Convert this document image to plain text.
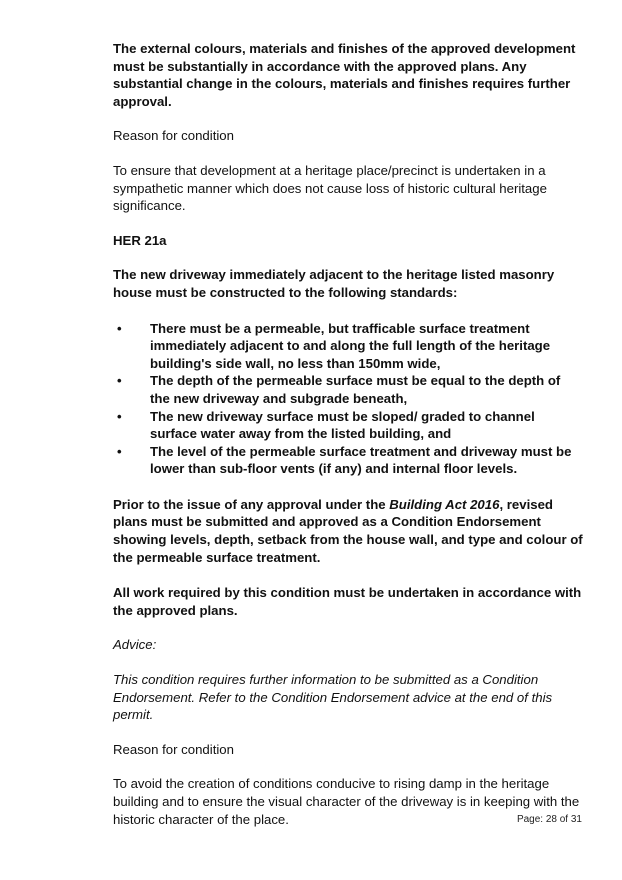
The external colours, materials and finishes of the approved development must be substantially in accordance with the approved plans. Any substantial change in the colours, materials and finishes requires further approval.

Reason for condition

To ensure that development at a heritage place/precinct is undertaken in a sympathetic manner which does not cause loss of historic cultural heritage significance.

HER 21a

The new driveway immediately adjacent to the heritage listed masonry house must be constructed to the following standards:

• There must be a permeable, but trafficable surface treatment immediately adjacent to and along the full length of the heritage building's side wall, no less than 150mm wide,
• The depth of the permeable surface must be equal to the depth of the new driveway and subgrade beneath,
• The new driveway surface must be sloped/ graded to channel surface water away from the listed building, and
• The level of the permeable surface treatment and driveway must be lower than sub-floor vents (if any) and internal floor levels.

Prior to the issue of any approval under the Building Act 2016, revised plans must be submitted and approved as a Condition Endorsement showing levels, depth, setback from the house wall, and type and colour of the permeable surface treatment.

All work required by this condition must be undertaken in accordance with the approved plans.

Advice:

This condition requires further information to be submitted as a Condition Endorsement. Refer to the Condition Endorsement advice at the end of this permit.

Reason for condition

To avoid the creation of conditions conducive to rising damp in the heritage building and to ensure the visual character of the driveway is in keeping with the historic character of the place.	Page: 28 of 31
